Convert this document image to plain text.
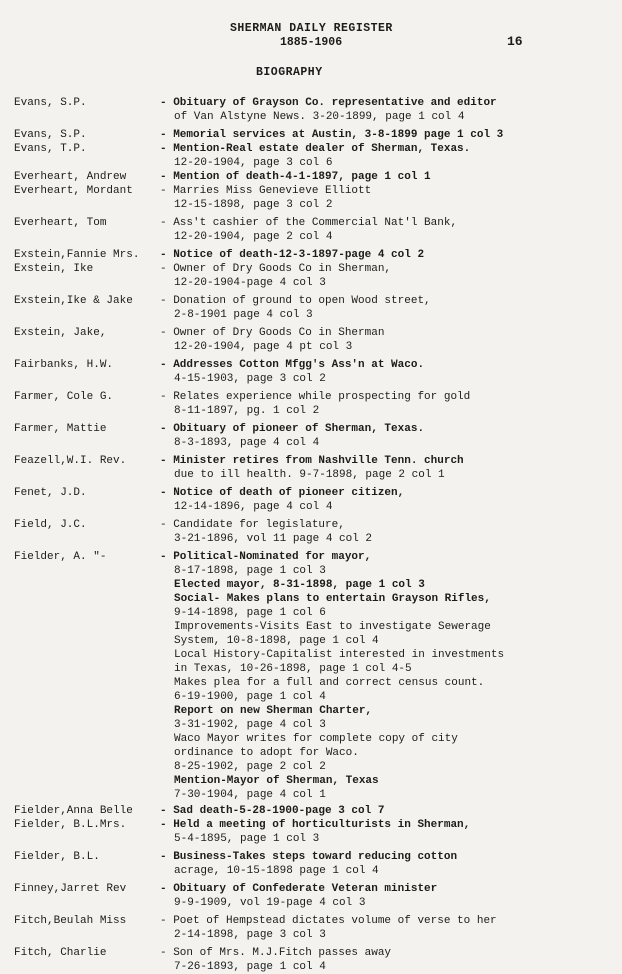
SHERMAN DAILY REGISTER
1885-1906	16
BIOGRAPHY
Evans, S.P.	- Obituary of Grayson Co. representative and editor
of Van Alstyne News. 3-20-1899, page 1 col 4
Evans, S.P.	- Memorial services at Austin, 3-8-1899 page 1 col 3
Evans, T.P.	- Mention-Real estate dealer of Sherman, Texas.
12-20-1904, page 3 col 6
Everheart, Andrew	- Mention of death-4-1-1897, page 1 col 1
Everheart, Mordant	- Marries Miss Genevieve Elliott
12-15-1898, page 3 col 2
Everheart, Tom	- Ass't cashier of the Commercial Nat'l Bank,
12-20-1904, page 2 col 4
Exstein,Fannie Mrs.	- Notice of death-12-3-1897-page 4 col 2
Exstein, Ike	- Owner of Dry Goods Co in Sherman,
12-20-1904-page 4 col 3
Exstein,Ike & Jake	- Donation of ground to open Wood street,
2-8-1901 page 4 col 3
Exstein, Jake,	- Owner of Dry Goods Co in Sherman
12-20-1904, page 4 pt col 3
Fairbanks, H.W.	- Addresses Cotton Mfgg's Ass'n at Waco.
4-15-1903, page 3 col 2
Farmer, Cole G.	- Relates experience while prospecting for gold
8-11-1897, pg. 1 col 2
Farmer, Mattie	- Obituary of pioneer of Sherman, Texas.
8-3-1893, page 4 col 4
Feazell,W.I. Rev.	- Minister retires from Nashville Tenn. church
due to ill health. 9-7-1898, page 2 col 1
Fenet, J.D.	- Notice of death of pioneer citizen,
12-14-1896, page 4 col 4
Field, J.C.	- Candidate for legislature,
3-21-1896, vol 11 page 4 col 2
Fielder, A. "-	- Political-Nominated for mayor,
8-17-1898, page 1 col 3
Elected mayor, 8-31-1898, page 1 col 3
Social- Makes plans to entertain Grayson Rifles,
9-14-1898, page 1 col 6
Improvements-Visits East to investigate Sewerage
System, 10-8-1898, page 1 col 4
Local History-Capitalist interested in investments
in Texas, 10-26-1898, page 1 col 4-5
Makes plea for a full and correct census count.
6-19-1900, page 1 col 4
Report on new Sherman Charter,
3-31-1902, page 4 col 3
Waco Mayor writes for complete copy of city
ordinance to adopt for Waco.
8-25-1902, page 2 col 2
Mention-Mayor of Sherman, Texas
7-30-1904, page 4 col 1
Fielder,Anna Belle	- Sad death-5-28-1900-page 3 col 7
Fielder, B.L.Mrs.	- Held a meeting of horticulturists in Sherman,
5-4-1895, page 1 col 3
Fielder, B.L.	- Business-Takes steps toward reducing cotton
acrage, 10-15-1898 page 1 col 4
Finney,Jarret Rev	- Obituary of Confederate Veteran minister
9-9-1909, vol 19-page 4 col 3
Fitch,Beulah Miss	- Poet of Hempstead dictates volume of verse to her
2-14-1898, page 3 col 3
Fitch, Charlie	- Son of Mrs. M.J.Fitch passes away
7-26-1893, page 1 col 4
